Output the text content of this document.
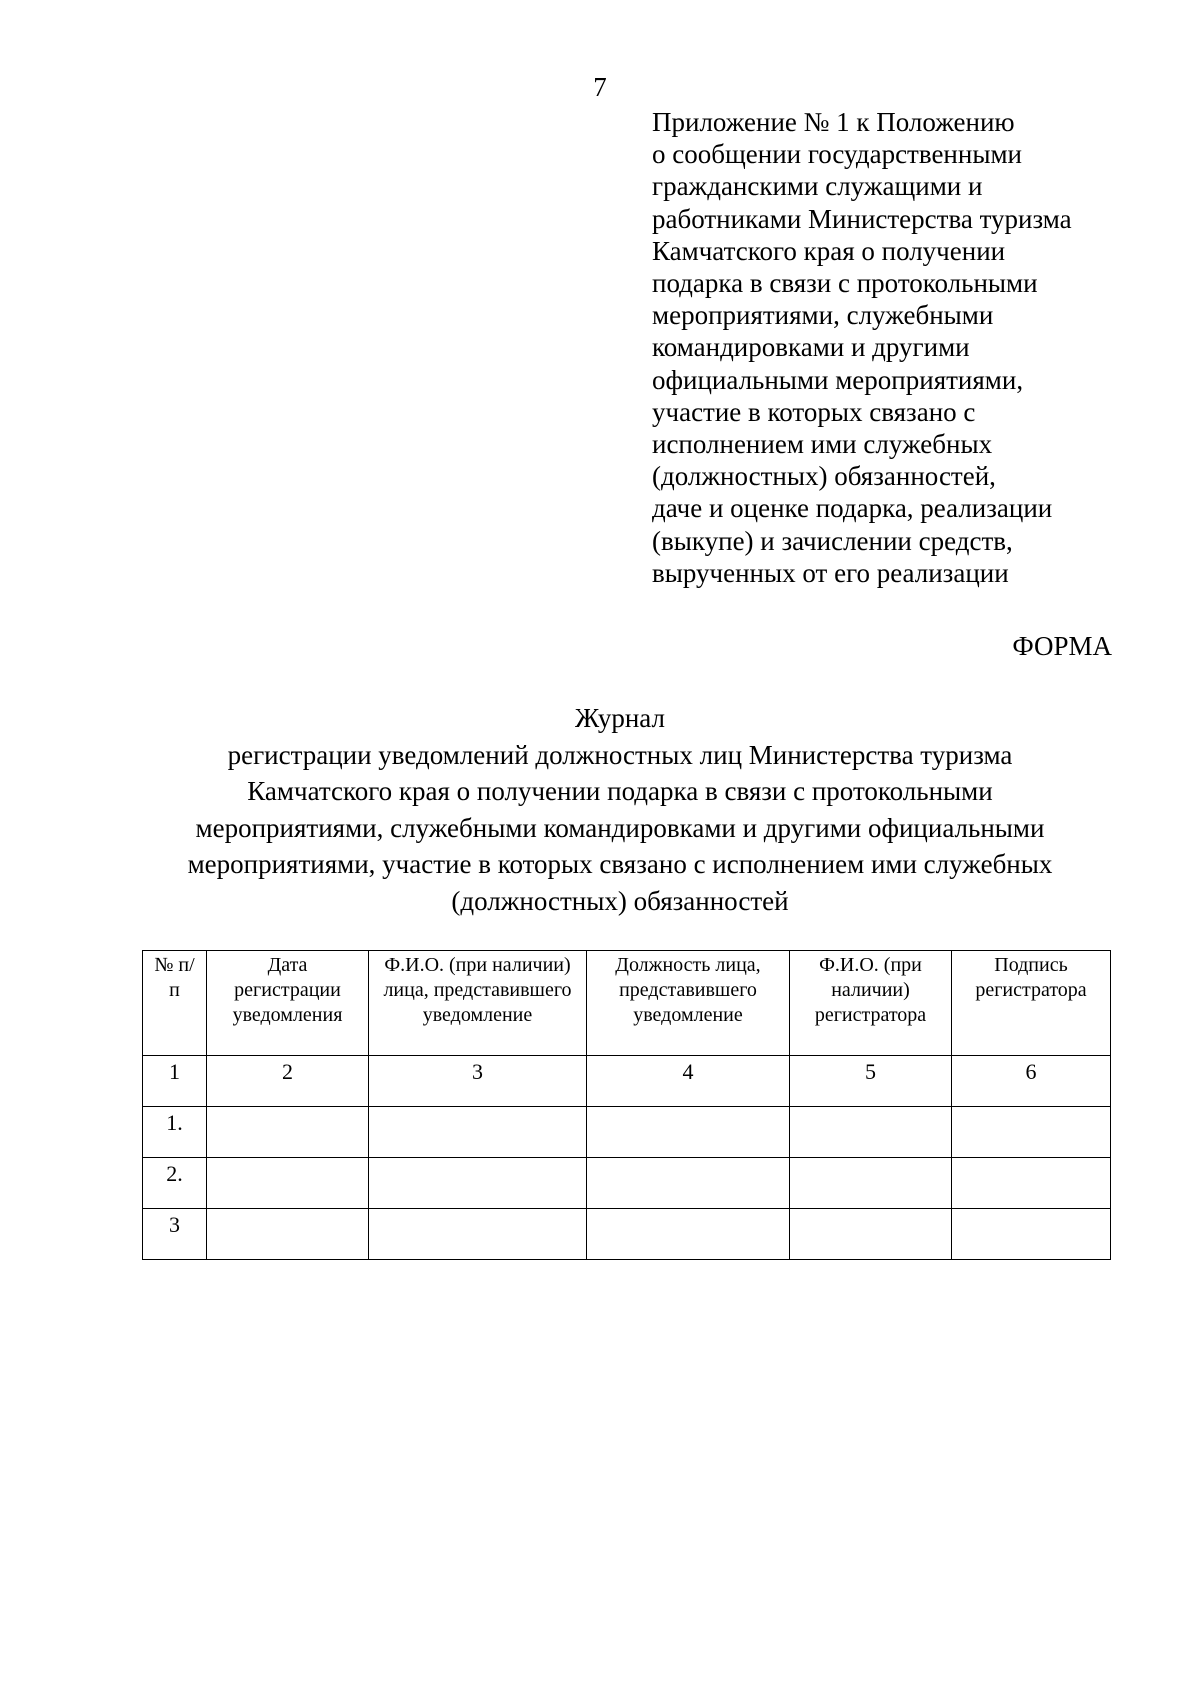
7
Приложение № 1 к Положению
о сообщении государственными
гражданскими служащими и
работниками Министерства туризма
Камчатского края о получении
подарка в связи с протокольными
мероприятиями, служебными
командировками и другими
официальными мероприятиями,
участие в которых связано с
исполнением ими служебных
(должностных) обязанностей,
даче и оценке подарка, реализации
(выкупе) и зачислении средств,
вырученных от его реализации
ФОРМА
Журнал
регистрации уведомлений должностных лиц Министерства туризма
Камчатского края о получении подарка в связи с протокольными
мероприятиями, служебными командировками и другими официальными
мероприятиями, участие в которых связано с исполнением ими служебных
(должностных) обязанностей
№ п/п	Дата регистрации уведомления	Ф.И.О. (при наличии) лица, представившего уведомление	Должность лица, представившего уведомление	Ф.И.О. (при наличии) регистратора	Подпись регистратора
1	2	3	4	5	6
1.					
2.					
3					
